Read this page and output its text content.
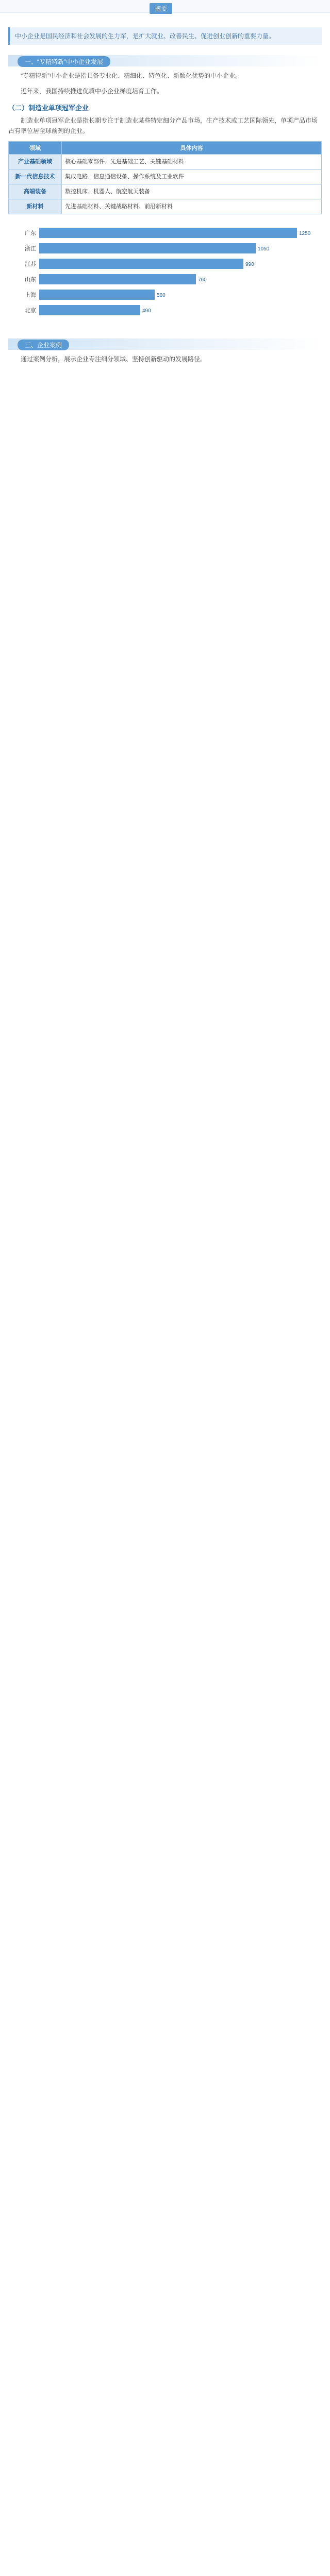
摘要
中小企业是国民经济和社会发展的生力军，是扩大就业、改善民生、促进创业创新的重要力量。
一、“专精特新”中小企业发展
“专精特新”中小企业是指具备专业化、精细化、特色化、新颖化优势的中小企业。
近年来，我国持续推进优质中小企业梯度培育工作。
（二）制造业单项冠军企业
制造业单项冠军企业是指长期专注于制造业某些特定细分产品市场，生产技术或工艺国际领先，单项产品市场占有率位居全球前列的企业。
领域	具体内容
产业基础领域	核心基础零部件、先进基础工艺、关键基础材料
新一代信息技术	集成电路、信息通信设备、操作系统及工业软件
高端装备	数控机床、机器人、航空航天装备
新材料	先进基础材料、关键战略材料、前沿新材料
广东	1250
浙江	1050
江苏	990
山东	760
上海	560
北京	490
三、企业案例
通过案例分析，展示企业专注细分领域、坚持创新驱动的发展路径。
